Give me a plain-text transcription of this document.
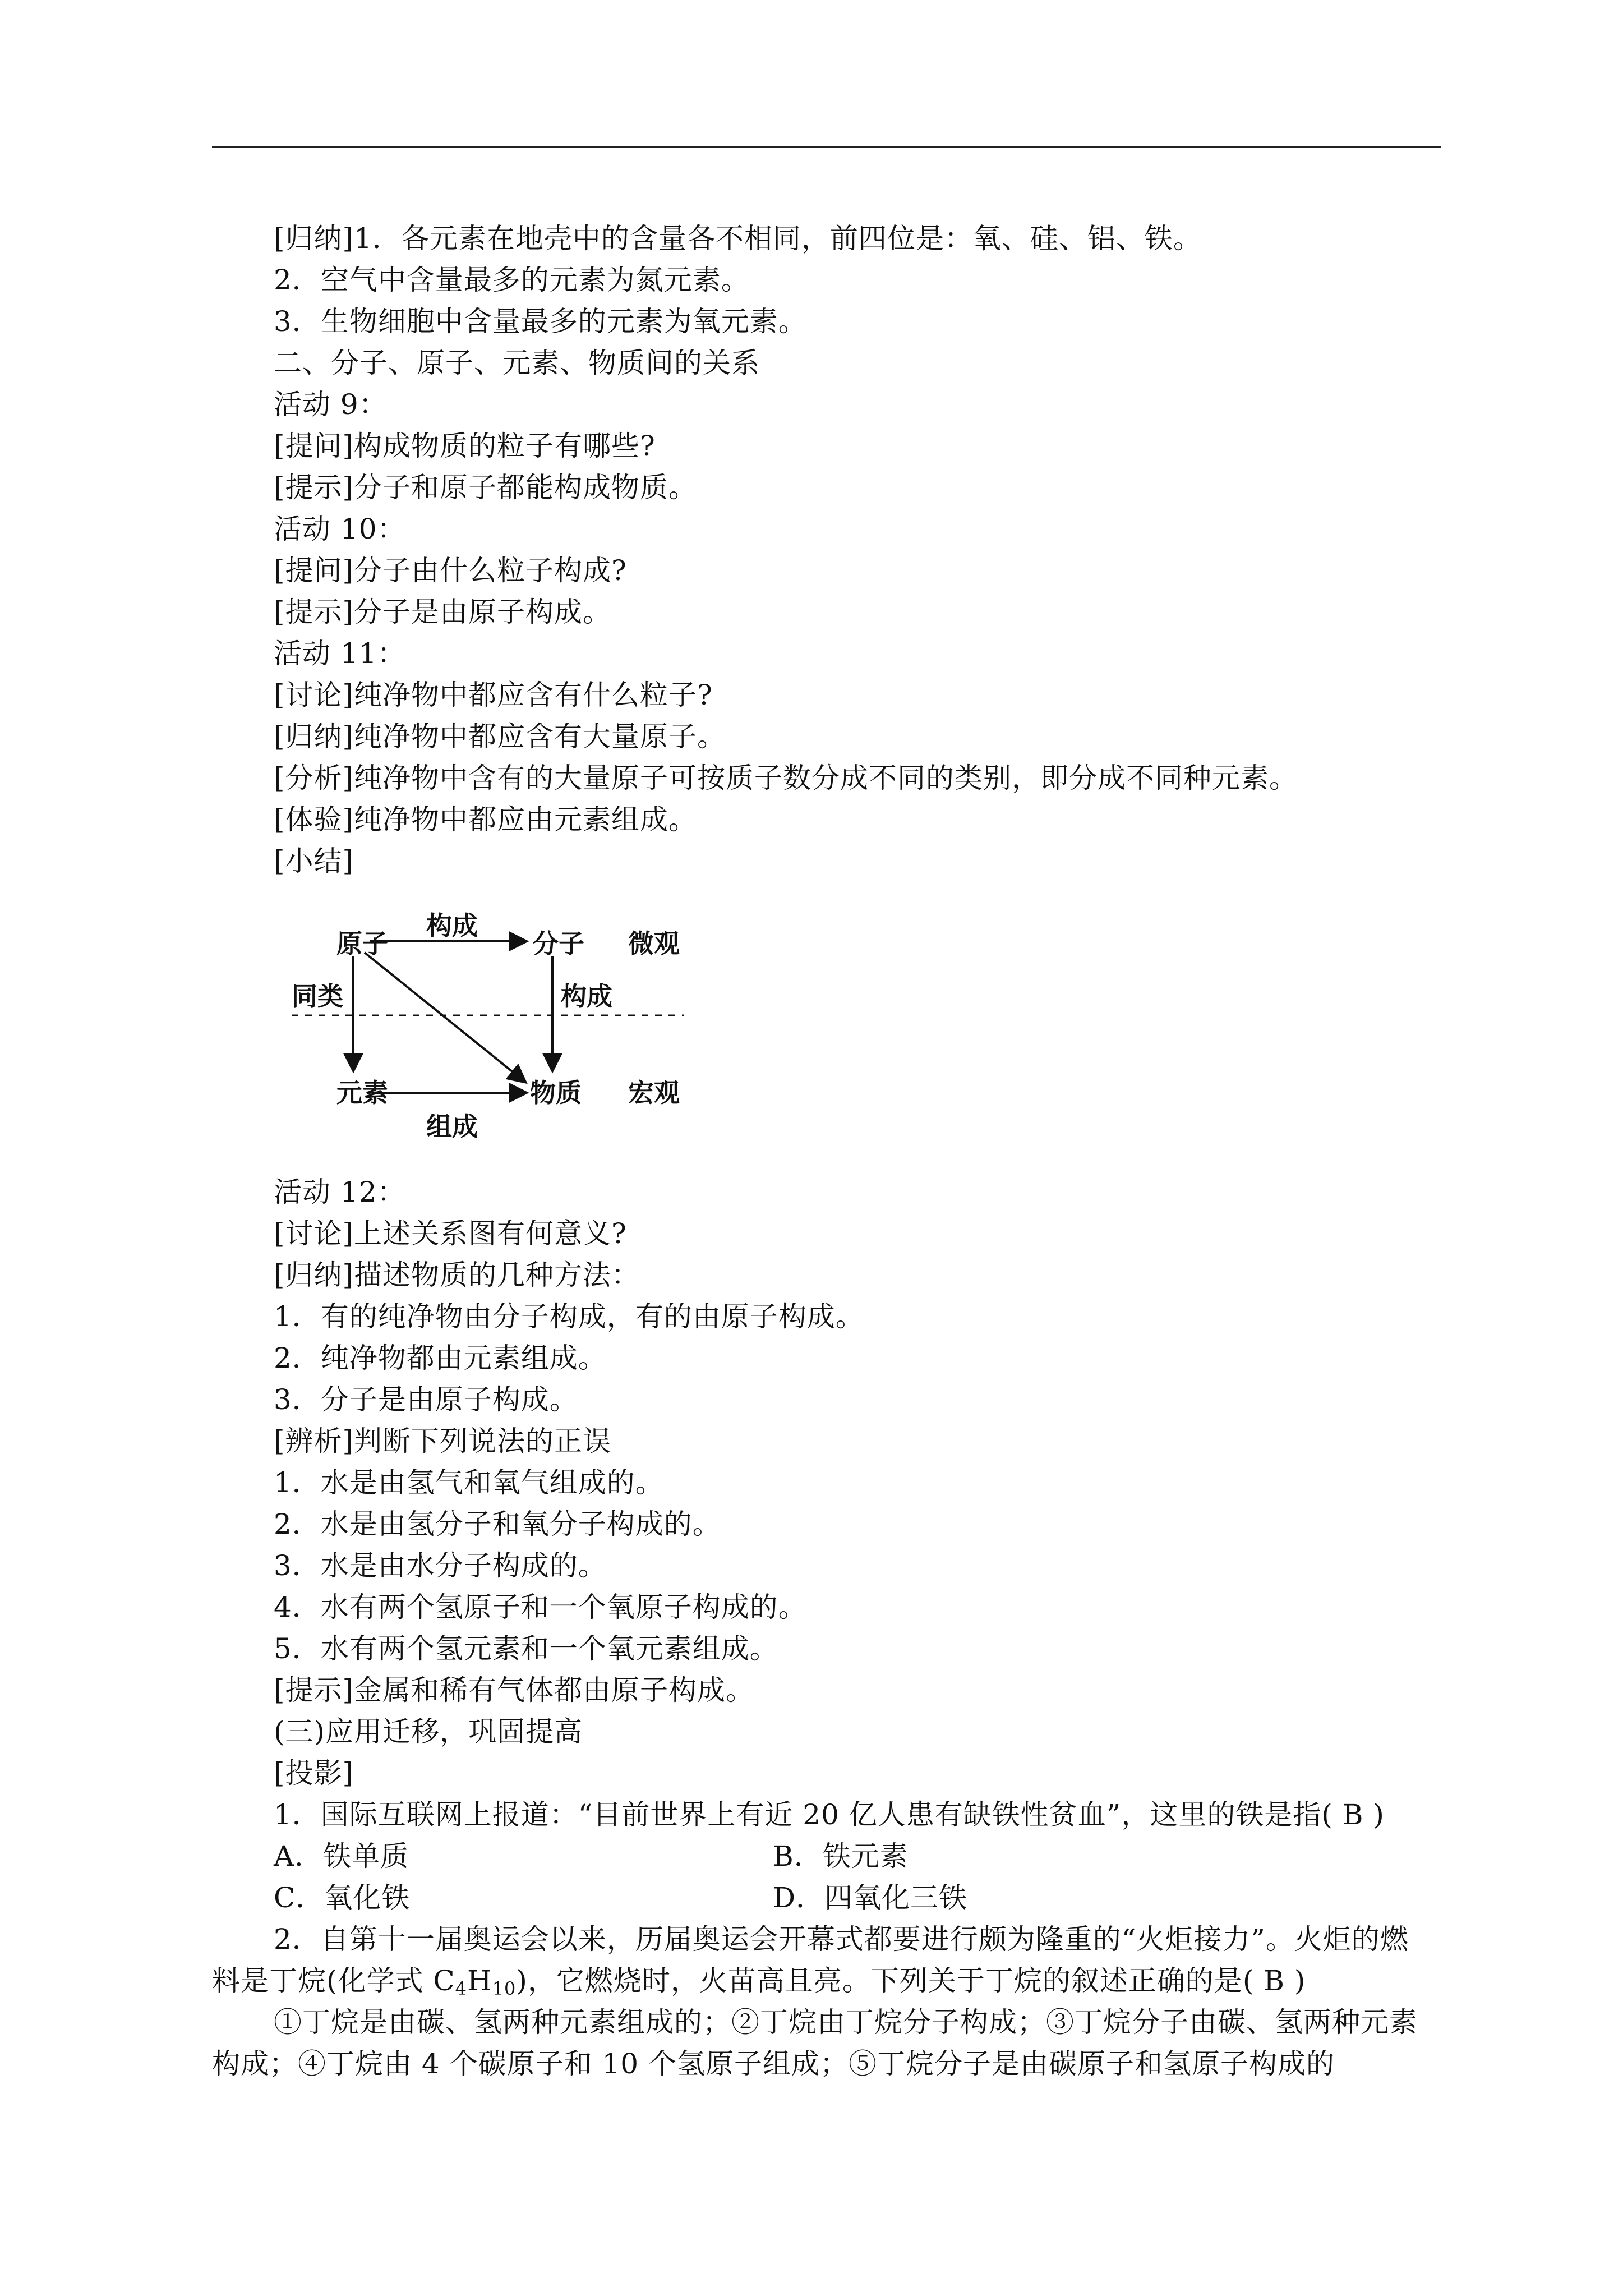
[归纳]1．各元素在地壳中的含量各不相同，前四位是：氧、硅、铝、铁。
2．空气中含量最多的元素为氮元素。
3．生物细胞中含量最多的元素为氧元素。
二、分子、原子、元素、物质间的关系
活动 9：
[提问]构成物质的粒子有哪些?
[提示]分子和原子都能构成物质。
活动 10：
[提问]分子由什么粒子构成?
[提示]分子是由原子构成。
活动 11：
[讨论]纯净物中都应含有什么粒子?
[归纳]纯净物中都应含有大量原子。
[分析]纯净物中含有的大量原子可按质子数分成不同的类别，即分成不同种元素。
[体验]纯净物中都应由元素组成。
[小结]
构成
原子	分子 微观
同类	构成
元素	物质 宏观
组成
活动 12：
[讨论]上述关系图有何意义?
[归纳]描述物质的几种方法：
1．有的纯净物由分子构成，有的由原子构成。
2．纯净物都由元素组成。
3．分子是由原子构成。
[辨析]判断下列说法的正误
1．水是由氢气和氧气组成的。
2．水是由氢分子和氧分子构成的。
3．水是由水分子构成的。
4．水有两个氢原子和一个氧原子构成的。
5．水有两个氢元素和一个氧元素组成。
[提示]金属和稀有气体都由原子构成。
(三)应用迁移，巩固提高
[投影]
1．国际互联网上报道：“目前世界上有近 20 亿人患有缺铁性贫血”，这里的铁是指( B )
A．铁单质	B．铁元素
C．氧化铁	D．四氧化三铁
2．自第十一届奥运会以来，历届奥运会开幕式都要进行颇为隆重的“火炬接力”。火炬的燃
料是丁烷(化学式 $C_4H_{10}$)，它燃烧时，火苗高且亮。下列关于丁烷的叙述正确的是( B )
①丁烷是由碳、氢两种元素组成的；②丁烷由丁烷分子构成；③丁烷分子由碳、氢两种元素
构成；④丁烷由 4 个碳原子和 10 个氢原子组成；⑤丁烷分子是由碳原子和氢原子构成的
